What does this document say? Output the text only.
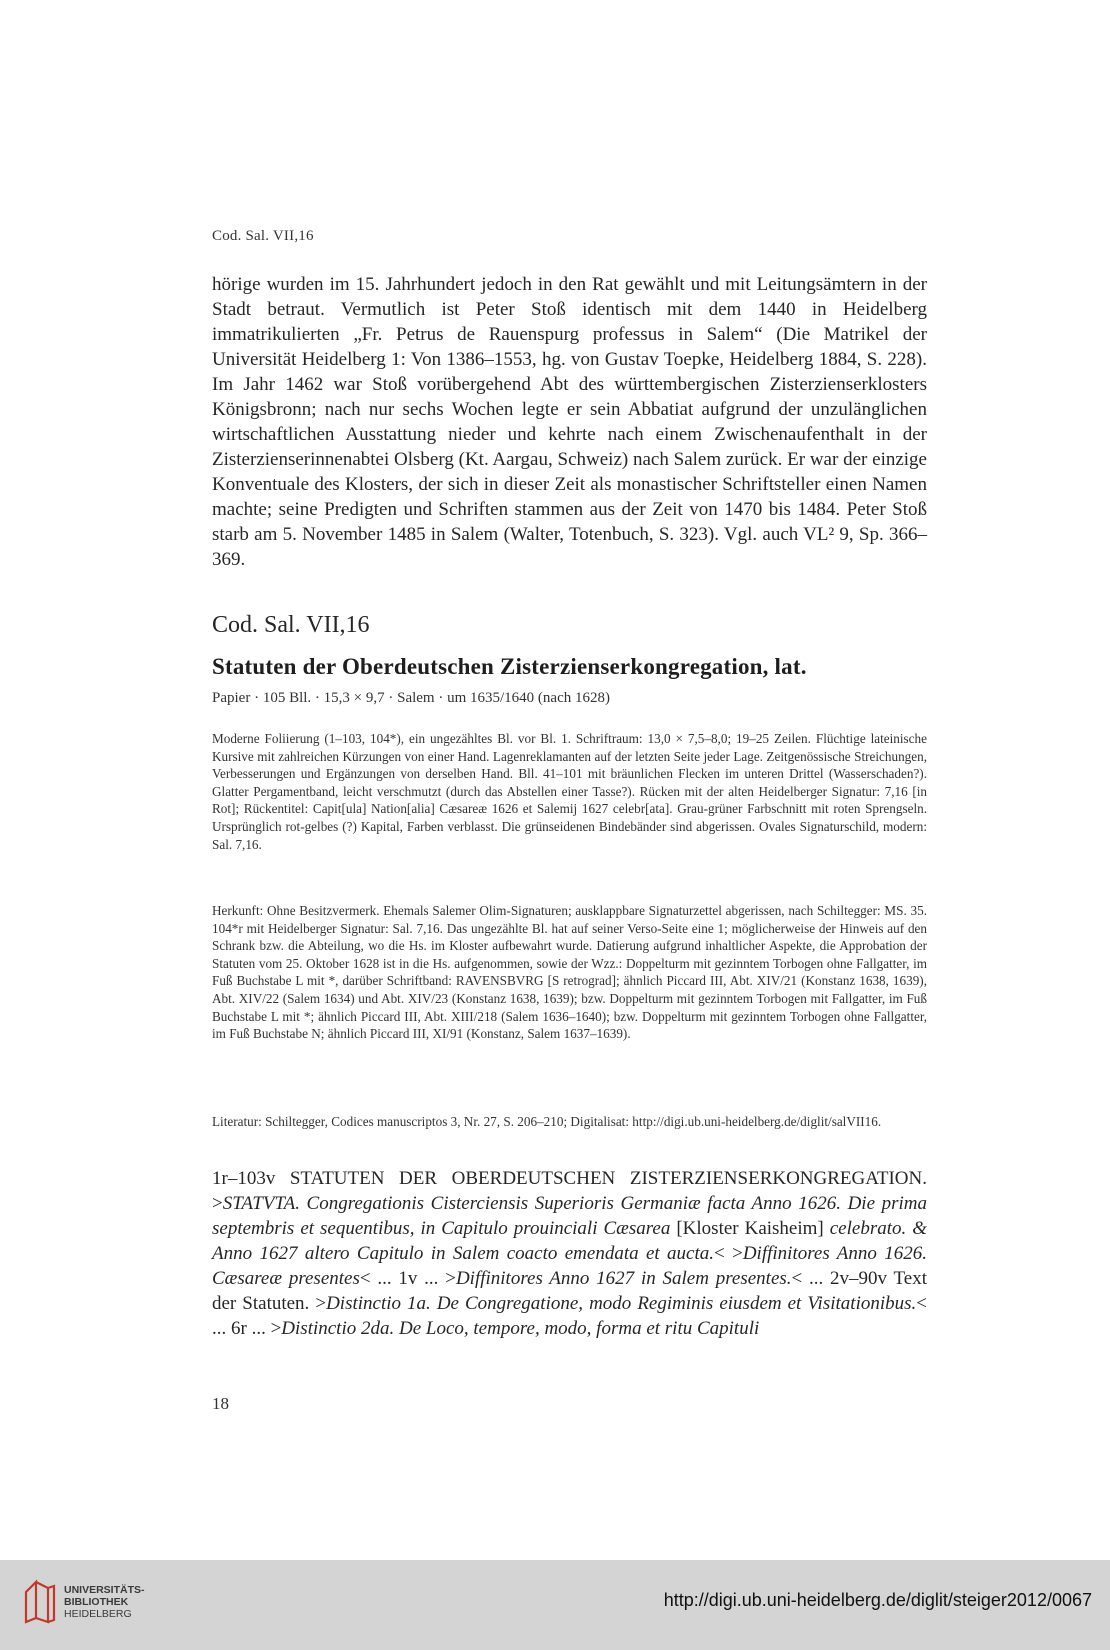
Cod. Sal. VII,16

hörige wurden im 15. Jahrhundert jedoch in den Rat gewählt und mit Leitungsämtern in der Stadt betraut. Vermutlich ist Peter Stoß identisch mit dem 1440 in Heidelberg immatrikulierten „Fr. Petrus de Rauenspurg professus in Salem“ (Die Matrikel der Universität Heidelberg 1: Von 1386–1553, hg. von Gustav Toepke, Heidelberg 1884, S. 228). Im Jahr 1462 war Stoß vorübergehend Abt des württembergischen Zisterzienserklosters Königsbronn; nach nur sechs Wochen legte er sein Abbatiat aufgrund der unzulänglichen wirtschaftlichen Ausstattung nieder und kehrte nach einem Zwischenaufenthalt in der Zisterzienserinnenabtei Olsberg (Kt. Aargau, Schweiz) nach Salem zurück. Er war der einzige Konventuale des Klosters, der sich in dieser Zeit als monastischer Schriftsteller einen Namen machte; seine Predigten und Schriften stammen aus der Zeit von 1470 bis 1484. Peter Stoß starb am 5. November 1485 in Salem (Walter, Totenbuch, S. 323). Vgl. auch VL² 9, Sp. 366–369.

Cod. Sal. VII,16
Statuten der Oberdeutschen Zisterzienserkongregation, lat.
Papier · 105 Bll. · 15,3 × 9,7 · Salem · um 1635/1640 (nach 1628)

Moderne Foliierung (1–103, 104*), ein ungezähltes Bl. vor Bl. 1. Schriftraum: 13,0 × 7,5–8,0; 19–25 Zeilen. Flüchtige lateinische Kursive mit zahlreichen Kürzungen von einer Hand. Lagenreklamanten auf der letzten Seite jeder Lage. Zeitgenössische Streichungen, Verbesserungen und Ergänzungen von derselben Hand. Bll. 41–101 mit bräunlichen Flecken im unteren Drittel (Wasserschaden?). Glatter Pergamentband, leicht verschmutzt (durch das Abstellen einer Tasse?). Rücken mit der alten Heidelberger Signatur: 7,16 [in Rot]; Rückentitel: Capit[ula] Nation[alia] Cæsareæ 1626 et Salemij 1627 celebr[ata]. Grau-grüner Farbschnitt mit roten Sprengseln. Ursprünglich rot-gelbes (?) Kapital, Farben verblasst. Die grünseidenen Bindebänder sind abgerissen. Ovales Signaturschild, modern: Sal. 7,16.

Herkunft: Ohne Besitzvermerk. Ehemals Salemer Olim-Signaturen; ausklappbare Signaturzettel abgerissen, nach Schiltegger: MS. 35. 104*r mit Heidelberger Signatur: Sal. 7,16. Das ungezählte Bl. hat auf seiner Verso-Seite eine 1; möglicherweise der Hinweis auf den Schrank bzw. die Abteilung, wo die Hs. im Kloster aufbewahrt wurde. Datierung aufgrund inhaltlicher Aspekte, die Approbation der Statuten vom 25. Oktober 1628 ist in die Hs. aufgenommen, sowie der Wzz.: Doppelturm mit gezinntem Torbogen ohne Fallgatter, im Fuß Buchstabe L mit *, darüber Schriftband: RAVENSBVRG [S retrograd]; ähnlich Piccard III, Abt. XIV/21 (Konstanz 1638, 1639), Abt. XIV/22 (Salem 1634) und Abt. XIV/23 (Konstanz 1638, 1639); bzw. Doppelturm mit gezinntem Torbogen mit Fallgatter, im Fuß Buchstabe L mit *; ähnlich Piccard III, Abt. XIII/218 (Salem 1636–1640); bzw. Doppelturm mit gezinntem Torbogen ohne Fallgatter, im Fuß Buchstabe N; ähnlich Piccard III, XI/91 (Konstanz, Salem 1637–1639).

Literatur: Schiltegger, Codices manuscriptos 3, Nr. 27, S. 206–210; Digitalisat: http://digi.ub.uni-heidelberg.de/diglit/salVII16.

1r–103v STATUTEN DER OBERDEUTSCHEN ZISTERZIENSERKONGREGATION. >STATVTA. Congregationis Cisterciensis Superioris Germaniæ facta Anno 1626. Die prima septembris et sequentibus, in Capitulo prouinciali Cæsarea [Kloster Kaisheim] celebrato. & Anno 1627 altero Capitulo in Salem coacto emendata et aucta.< >Diffinitores Anno 1626. Cæsareæ presentes< ... 1v ... >Diffinitores Anno 1627 in Salem presentes.< ... 2v–90v Text der Statuten. >Distinctio 1a. De Congregatione, modo Regiminis eiusdem et Visitationibus.< ... 6r ... >Distinctio 2da. De Loco, tempore, modo, forma et ritu Capituli

18
UNIVERSITÄTS-
BIBLIOTHEK
HEIDELBERG
http://digi.ub.uni-heidelberg.de/diglit/steiger2012/0067
